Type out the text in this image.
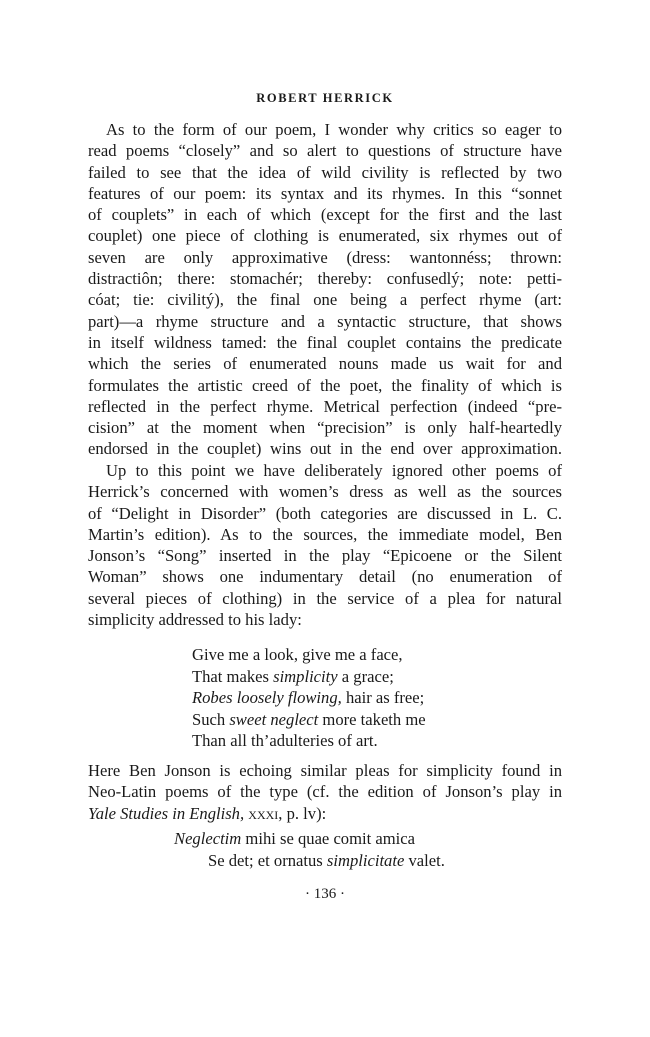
ROBERT HERRICK
As to the form of our poem, I wonder why critics so eager to
read poems “closely” and so alert to questions of structure have
failed to see that the idea of wild civility is reflected by two
features of our poem: its syntax and its rhymes. In this “sonnet
of couplets” in each of which (except for the first and the last
couplet) one piece of clothing is enumerated, six rhymes out of
seven are only approximative (dress: wantonnéss; thrown:
distractiôn; there: stomachér; thereby: confusedlý; note: petti-
cóat; tie: civilitý), the final one being a perfect rhyme (art:
part)—a rhyme structure and a syntactic structure, that shows
in itself wildness tamed: the final couplet contains the predicate
which the series of enumerated nouns made us wait for and
formulates the artistic creed of the poet, the finality of which is
reflected in the perfect rhyme. Metrical perfection (indeed “pre-
cision” at the moment when “precision” is only half-heartedly
endorsed in the couplet) wins out in the end over approximation.
Up to this point we have deliberately ignored other poems of
Herrick’s concerned with women’s dress as well as the sources
of “Delight in Disorder” (both categories are discussed in L. C.
Martin’s edition). As to the sources, the immediate model, Ben
Jonson’s “Song” inserted in the play “Epicoene or the Silent
Woman” shows one indumentary detail (no enumeration of
several pieces of clothing) in the service of a plea for natural
simplicity addressed to his lady:
Give me a look, give me a face,
That makes simplicity a grace;
Robes loosely flowing, hair as free;
Such sweet neglect more taketh me
Than all th’adulteries of art.
Here Ben Jonson is echoing similar pleas for simplicity found in
Neo-Latin poems of the type (cf. the edition of Jonson’s play in
Yale Studies in English, xxxi, p. lv):
Neglectim mihi se quae comit amica
Se det; et ornatus simplicitate valet.
· 136 ·
